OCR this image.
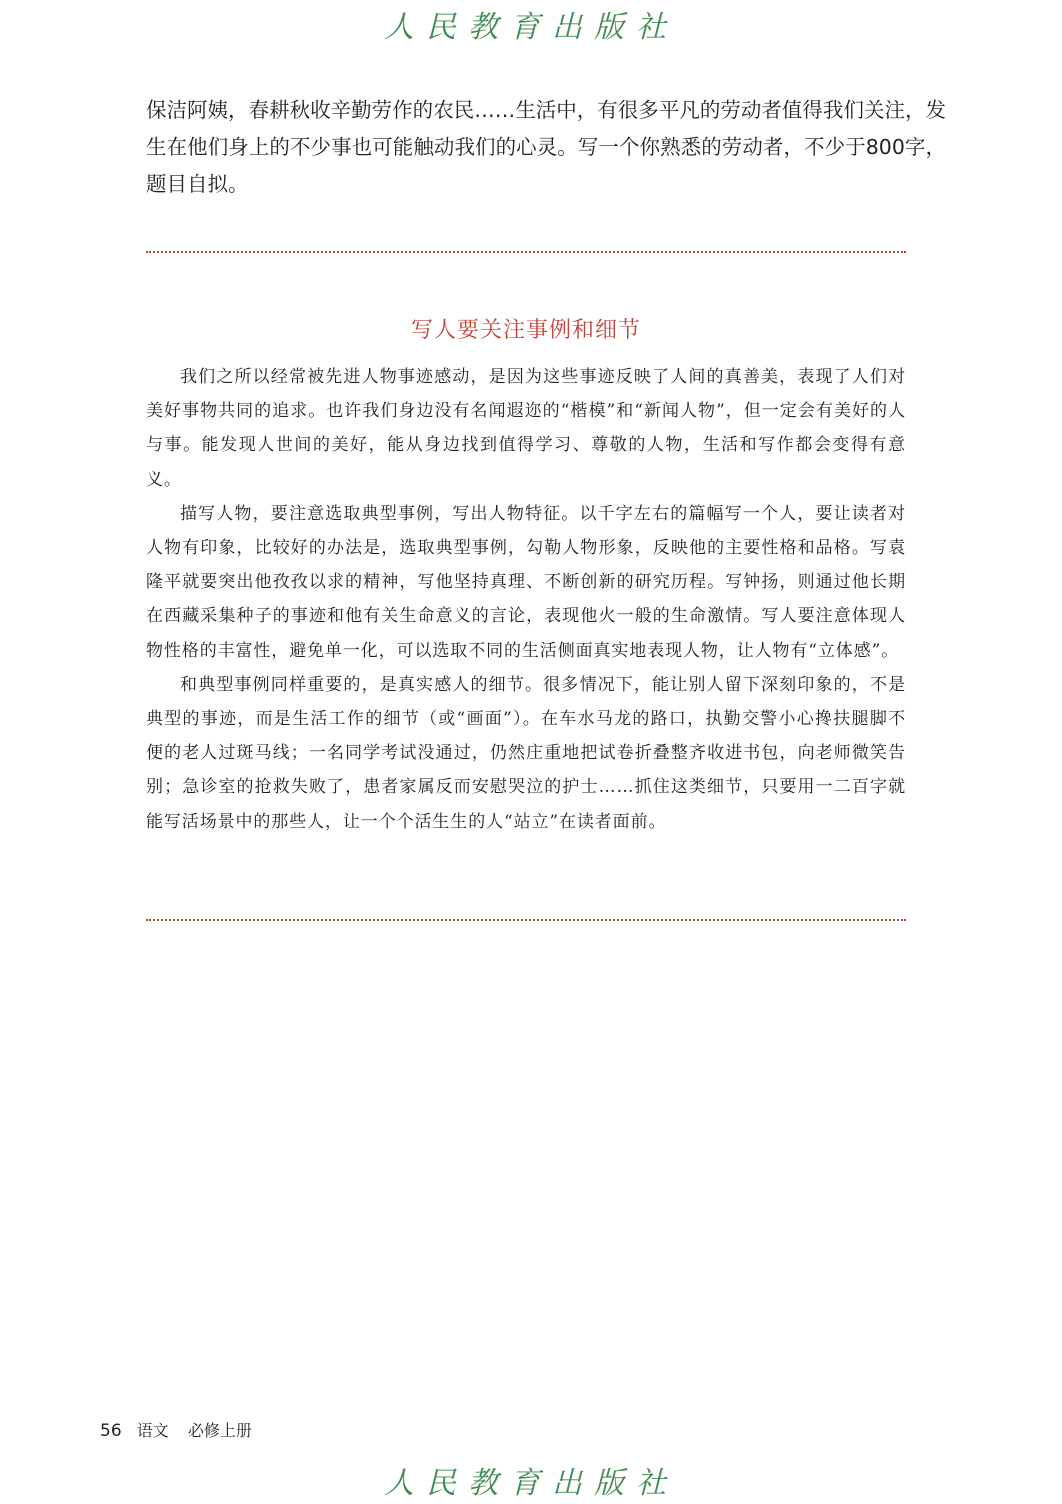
人民教育出版社
保洁阿姨，春耕秋收辛勤劳作的农民……生活中，有很多平凡的劳动者值得我们关注，发生在他们身上的不少事也可能触动我们的心灵。写一个你熟悉的劳动者，不少于800字，题目自拟。
写人要关注事例和细节

我们之所以经常被先进人物事迹感动，是因为这些事迹反映了人间的真善美，表现了人们对美好事物共同的追求。也许我们身边没有名闻遐迩的“楷模”和“新闻人物”，但一定会有美好的人与事。能发现人世间的美好，能从身边找到值得学习、尊敬的人物，生活和写作都会变得有意义。

描写人物，要注意选取典型事例，写出人物特征。以千字左右的篇幅写一个人，要让读者对人物有印象，比较好的办法是，选取典型事例，勾勒人物形象，反映他的主要性格和品格。写袁隆平就要突出他孜孜以求的精神，写他坚持真理、不断创新的研究历程。写钟扬，则通过他长期在西藏采集种子的事迹和他有关生命意义的言论，表现他火一般的生命激情。写人要注意体现人物性格的丰富性，避免单一化，可以选取不同的生活侧面真实地表现人物，让人物有“立体感”。

和典型事例同样重要的，是真实感人的细节。很多情况下，能让别人留下深刻印象的，不是典型的事迹，而是生活工作的细节（或“画面”）。在车水马龙的路口，执勤交警小心搀扶腿脚不便的老人过斑马线；一名同学考试没通过，仍然庄重地把试卷折叠整齐收进书包，向老师微笑告别；急诊室的抢救失败了，患者家属反而安慰哭泣的护士……抓住这类细节，只要用一二百字就能写活场景中的那些人，让一个个活生生的人“站立”在读者面前。

56 语文 必修上册
人民教育出版社
